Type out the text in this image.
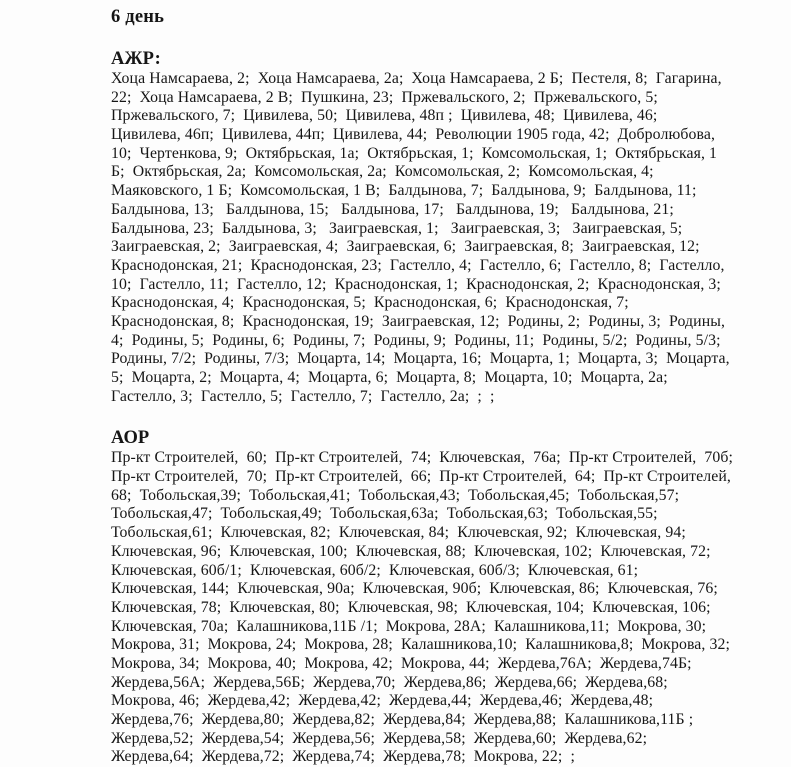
6 день
АЖР:
Хоца Намсараева, 2;  Хоца Намсараева, 2а;  Хоца Намсараева, 2 Б;  Пестеля, 8;  Гагарина,
22;  Хоца Намсараева, 2 В;  Пушкина, 23;  Пржевальского, 2;  Пржевальского, 5;
Пржевальского, 7;  Цивилева, 50;  Цивилева, 48п ;  Цивилева, 48;  Цивилева, 46;
Цивилева, 46п;  Цивилева, 44п;  Цивилева, 44;  Революции 1905 года, 42;  Добролюбова,
10;  Чертенкова, 9;  Октябрьская, 1а;  Октябрьская, 1;  Комсомольская, 1;  Октябрьская, 1
Б;  Октябрьская, 2а;  Комсомольская, 2а;  Комсомольская, 2;  Комсомольская, 4;
Маяковского, 1 Б;  Комсомольская, 1 В;  Балдынова, 7;  Балдынова, 9;  Балдынова, 11;
Балдынова, 13;   Балдынова, 15;   Балдынова, 17;   Балдынова, 19;   Балдынова, 21;
Балдынова, 23;  Балдынова, 3;   Заиграевская, 1;   Заиграевская, 3;   Заиграевская, 5;
Заиграевская, 2;  Заиграевская, 4;  Заиграевская, 6;  Заиграевская, 8;  Заиграевская, 12;
Краснодонская, 21;  Краснодонская, 23;  Гастелло, 4;  Гастелло, 6;  Гастелло, 8;  Гастелло,
10;  Гастелло, 11;  Гастелло, 12;  Краснодонская, 1;  Краснодонская, 2;  Краснодонская, 3;
Краснодонская, 4;  Краснодонская, 5;  Краснодонская, 6;  Краснодонская, 7;
Краснодонская, 8;  Краснодонская, 19;  Заиграевская, 12;  Родины, 2;  Родины, 3;  Родины,
4;  Родины, 5;  Родины, 6;  Родины, 7;  Родины, 9;  Родины, 11;  Родины, 5/2;  Родины, 5/3;
Родины, 7/2;  Родины, 7/3;  Моцарта, 14;  Моцарта, 16;  Моцарта, 1;  Моцарта, 3;  Моцарта,
5;  Моцарта, 2;  Моцарта, 4;  Моцарта, 6;  Моцарта, 8;  Моцарта, 10;  Моцарта, 2а;
Гастелло, 3;  Гастелло, 5;  Гастелло, 7;  Гастелло, 2а;  ;  ;
АОР
Пр-кт Строителей,  60;  Пр-кт Строителей,  74;  Ключевская,  76а;  Пр-кт Строителей,  70б;
Пр-кт Строителей,  70;  Пр-кт Строителей,  66;  Пр-кт Строителей,  64;  Пр-кт Строителей,
68;  Тобольская,39;  Тобольская,41;  Тобольская,43;  Тобольская,45;  Тобольская,57;
Тобольская,47;  Тобольская,49;  Тобольская,63а;  Тобольская,63;  Тобольская,55;
Тобольская,61;  Ключевская, 82;  Ключевская, 84;  Ключевская, 92;  Ключевская, 94;
Ключевская, 96;  Ключевская, 100;  Ключевская, 88;  Ключевская, 102;  Ключевская, 72;
Ключевская, 60б/1;  Ключевская, 60б/2;  Ключевская, 60б/3;  Ключевская, 61;
Ключевская, 144;  Ключевская, 90а;  Ключевская, 90б;  Ключевская, 86;  Ключевская, 76;
Ключевская, 78;  Ключевская, 80;  Ключевская, 98;  Ключевская, 104;  Ключевская, 106;
Ключевская, 70а;  Калашникова,11Б /1;  Мокрова, 28А;  Калашникова,11;  Мокрова, 30;
Мокрова, 31;  Мокрова, 24;  Мокрова, 28;  Калашникова,10;  Калашникова,8;  Мокрова, 32;
Мокрова, 34;  Мокрова, 40;  Мокрова, 42;  Мокрова, 44;  Жердева,76А;  Жердева,74Б;
Жердева,56А;  Жердева,56Б;  Жердева,70;  Жердева,86;  Жердева,66;  Жердева,68;
Мокрова, 46;  Жердева,42;  Жердева,42;  Жердева,44;  Жердева,46;  Жердева,48;
Жердева,76;  Жердева,80;  Жердева,82;  Жердева,84;  Жердева,88;  Калашникова,11Б ;
Жердева,52;  Жердева,54;  Жердева,56;  Жердева,58;  Жердева,60;  Жердева,62;
Жердева,64;  Жердева,72;  Жердева,74;  Жердева,78;  Мокрова, 22;  ;
